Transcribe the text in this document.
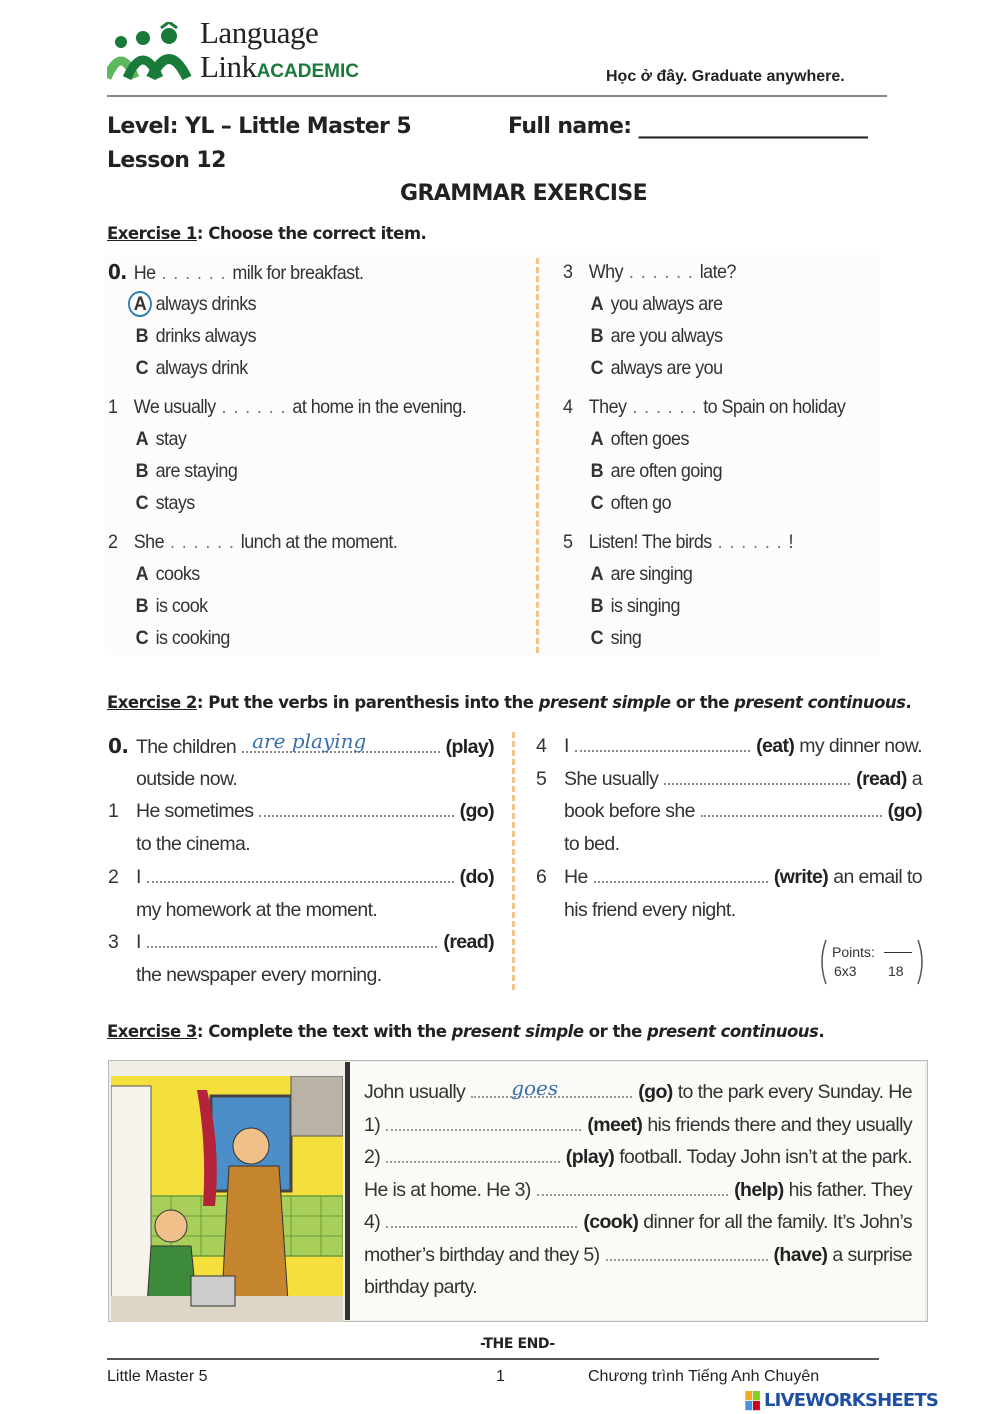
Language
LinkACADEMIC	Học ở đây. Graduate anywhere.
Level: YL – Little Master 5	Full name: ______________________
Lesson 12
GRAMMAR EXERCISE
Exercise 1: Choose the correct item.
0. He . . . . . . milk for breakfast.
A always drinks
B drinks always
C always drink
1 We usually . . . . . . at home in the evening.
A stay
B are staying
C stays
2 She . . . . . . lunch at the moment.
A cooks
B is cook
C is cooking
3 Why . . . . . . late?
A you always are
B are you always
C always are you
4 They . . . . . . to Spain on holiday
A often goes
B are often going
C often go
5 Listen! The birds . . . . . . !
A are singing
B is singing
C sing
Exercise 2: Put the verbs in parenthesis into the present simple or the present continuous.
0. The children are playing	(play)
outside now.
1 He sometimes	(go)
to the cinema.
2 I	(do)
my homework at the moment.
3 I	(read)
the newspaper every morning.
4 I	(eat) my dinner now.
5 She usually	(read) a
book before she	(go)
to bed.
6 He	(write) an email to
his friend every night.
Points:
6x3 18
Exercise 3: Complete the text with the present simple or the present continuous.
John usually goes	(go) to the park every Sunday. He
1)	(meet) his friends there and they usually
2)	(play) football. Today John isn’t at the park.
He is at home. He 3)	(help) his father. They
4)	(cook) dinner for all the family. It’s John’s
mother’s birthday and they 5)	(have) a surprise
birthday party.
-THE END-
Little Master 5	1	Chương trình Tiếng Anh Chuyên
LIVEWORKSHEETS
